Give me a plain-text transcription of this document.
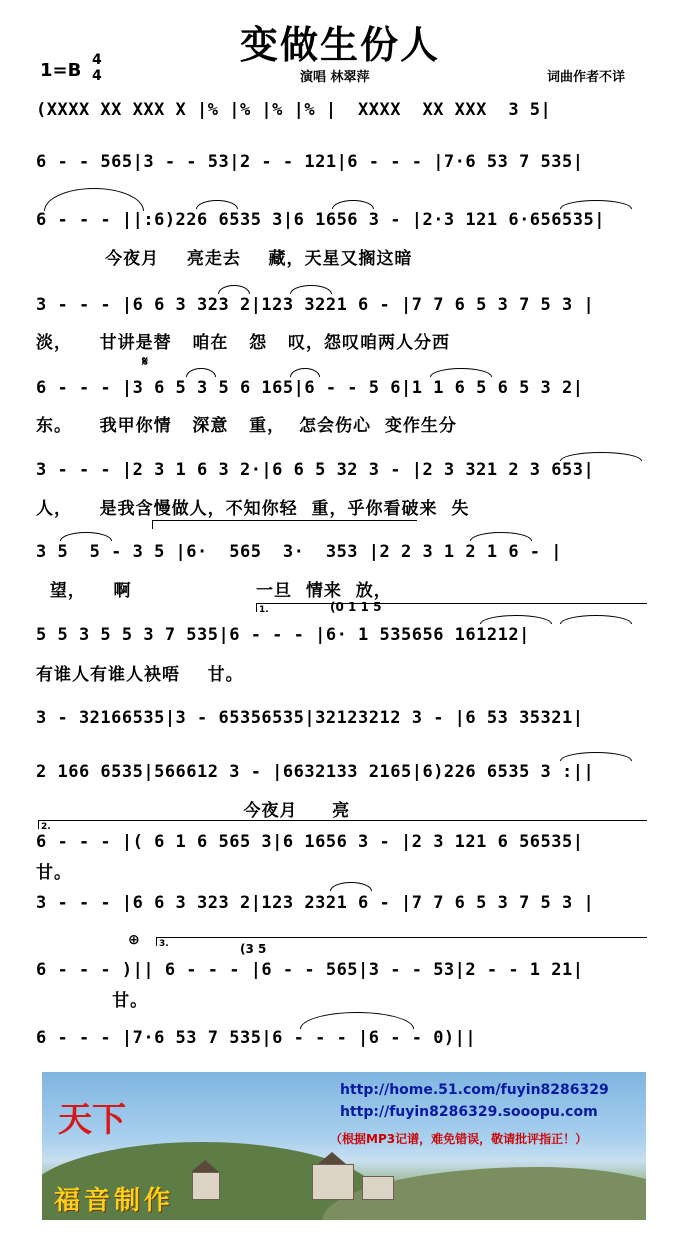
变做生份人
1=B 4
4	演唱 林翠萍	词曲作者不详
1.
2.
3.
(0 1 1 5
(3 5
𝄋
⊕
(XXXX XX XXX X |% |% |% |% |  XXXX  XX XXX  3 5|
6 - - 565|3 - - 53|2 - - 121|6 - - - |7·6 53 7 535|
6 - - - ||:6)226 6535 3|6 1656 3 - |2·3 121 6·656535|
3 - - - |6 6 3 323 2|123 3221 6 - |7 7 6 5 3 7 5 3 |
6 - - - |3 6 5 3 5 6 165|6 - - 5 6|1 1 6 5 6 5 3 2|
3 - - - |2 3 1 6 3 2·|6 6 5 32 3 - |2 3 321 2 3 653|
3 5  5 - 3 5 |6·  565  3·  353 |2 2 3 1 2 1 6 - |
5 5 3 5 5 3 7 535|6 - - - |6· 1 535656 161212|
3 - 32166535|3 - 65356535|32123212 3 - |6 53 35321|
2 166 6535|566612 3 - |6632133 2165|6)226 6535 3 :||
6 - - - |( 6 1 6 565 3|6 1656 3 - |2 3 121 6 56535|
3 - - - |6 6 3 323 2|123 2321 6 - |7 7 6 5 3 7 5 3 |
6 - - - )|| 6 - - - |6 - - 565|3 - - 53|2 - - 1 21|
6 - - - |7·6 53 7 535|6 - - - |6 - - 0)||
今夜月    亮走去    藏，天星又搁这暗
淡，    甘讲是替   咱在   怨   叹，怨叹咱两人分西
东。    我甲你情   深意   重，  怎会伤心  变作生分
人，    是我含慢做人，不知你轻  重，乎你看破来  失
望，    啊                  一旦  情来  放，
有谁人有谁人袂唔    甘。
今夜月     亮
甘。
甘。
http://home.51.com/fuyin8286329
http://fuyin8286329.sooopu.com
（根据MP3记谱，难免错误，敬请批评指正！）
天下
福音制作
